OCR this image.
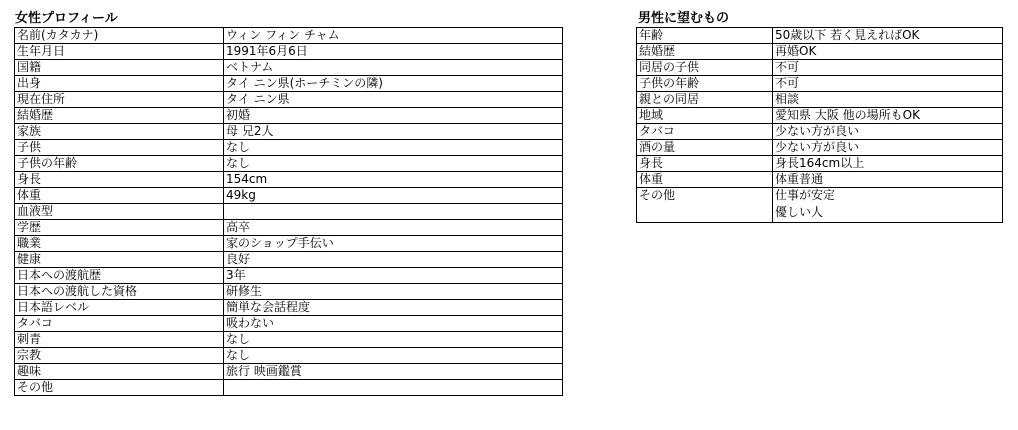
女性プロフィール
名前(カタカナ)	ウィン フィン チャム
生年月日	1991年6月6日
国籍	ベトナム
出身	タイ ニン県(ホーチミンの隣)
現在住所	タイ ニン県
結婚歴	初婚
家族	母 兄2人
子供	なし
子供の年齢	なし
身長	154cm
体重	49kg
血液型	
学歴	高卒
職業	家のショップ手伝い
健康	良好
日本への渡航歴	3年
日本への渡航した資格	研修生
日本語レベル	簡単な会話程度
タバコ	吸わない
刺青	なし
宗教	なし
趣味	旅行 映画鑑賞
その他	
男性に望むもの
年齢	50歳以下 若く見えればOK
結婚歴	再婚OK
同居の子供	不可
子供の年齢	不可
親との同居	相談
地域	愛知県 大阪 他の場所もOK
タバコ	少ない方が良い
酒の量	少ない方が良い
身長	身長164cm以上
体重	体重普通
その他	仕事が安定
優しい人
